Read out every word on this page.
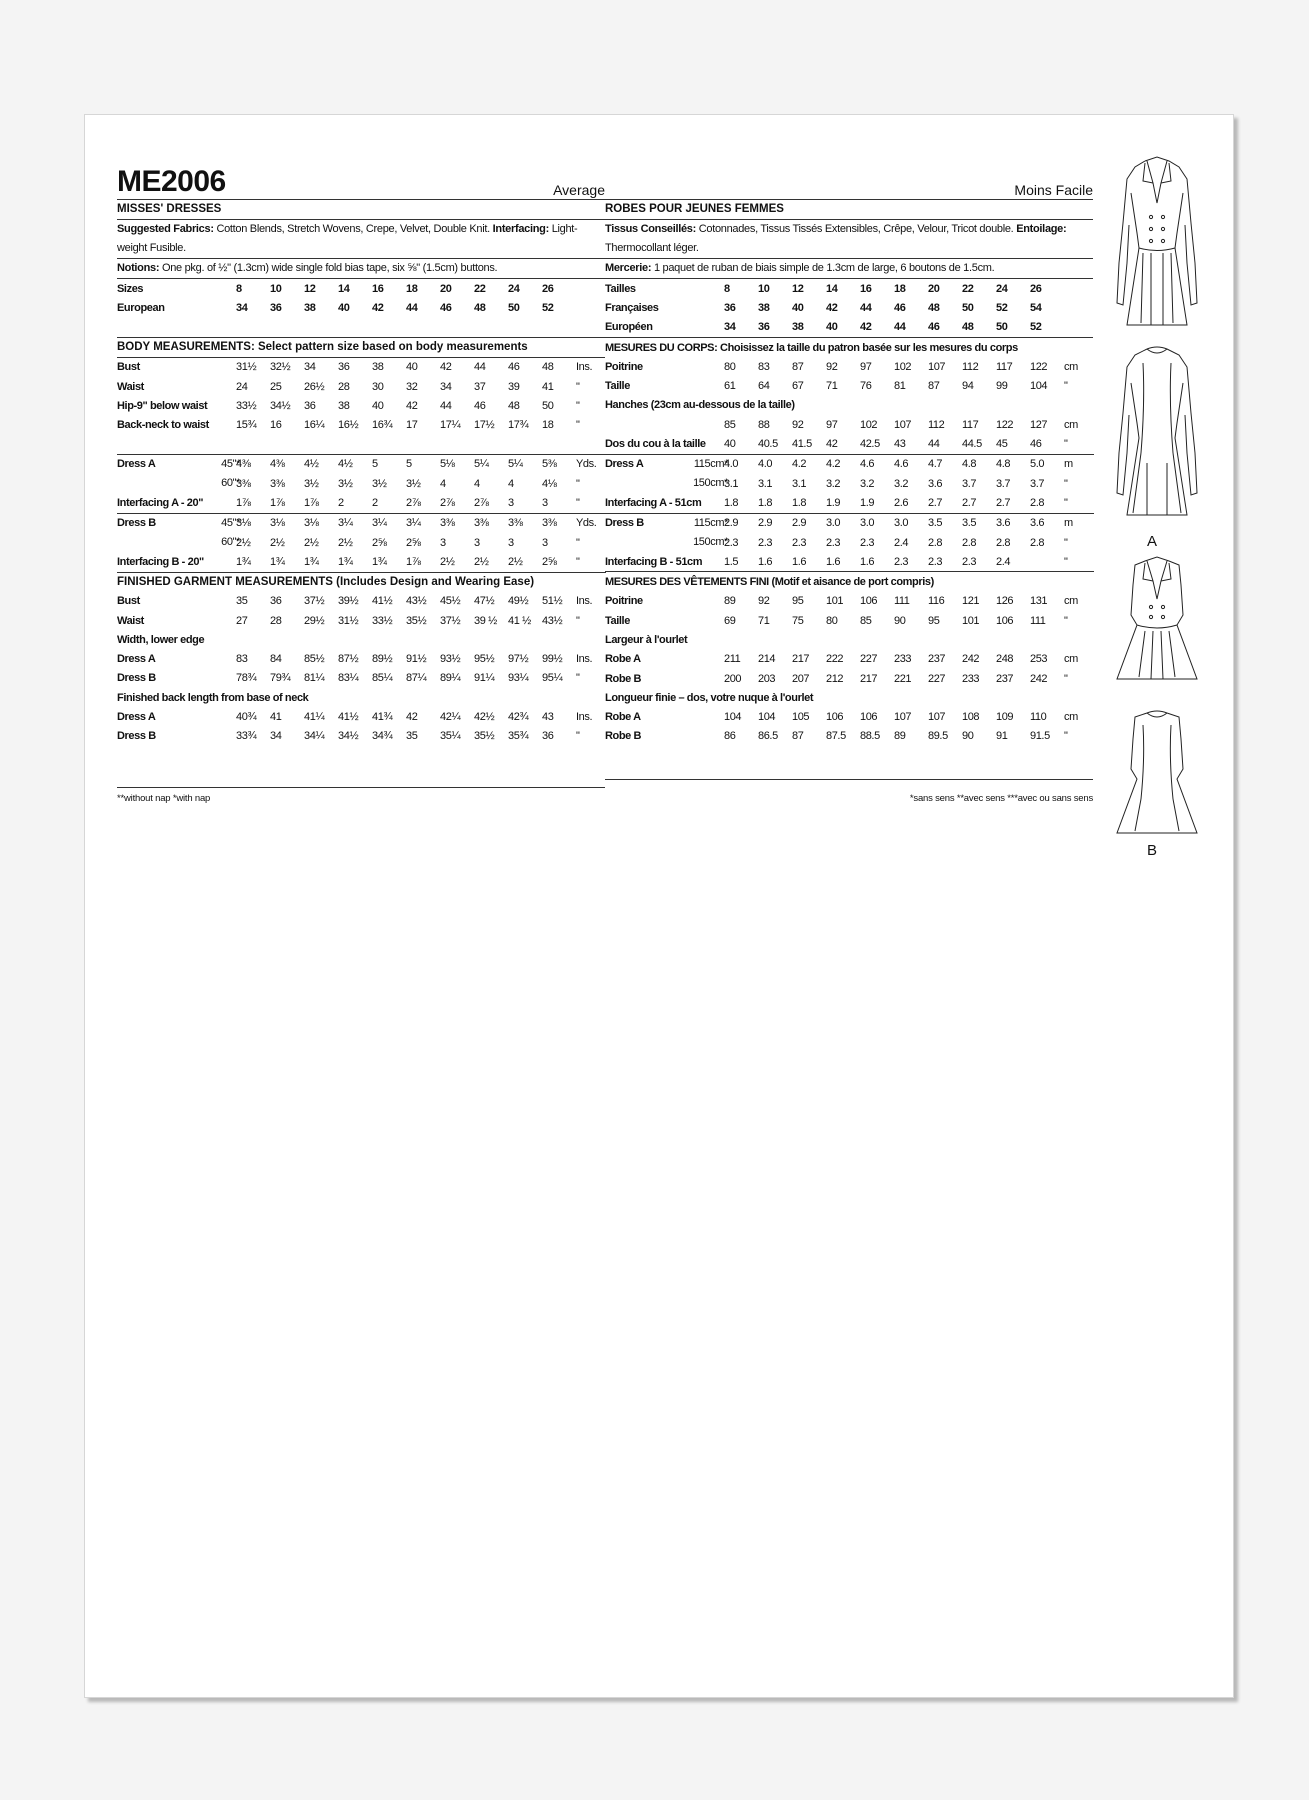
ME2006	Average
MISSES' DRESSES
Suggested Fabrics: Cotton Blends, Stretch Wovens, Crepe, Velvet, Double Knit. Interfacing: Light-weight Fusible.
Notions: One pkg. of ½" (1.3cm) wide single fold bias tape, six ⅝" (1.5cm) buttons.
Sizes	8	10	12	14	16	18	20	22	24	26	
European	34	36	38	40	42	44	46	48	50	52	
BODY MEASUREMENTS: Select pattern size based on body measurements
Bust	31½	32½	34	36	38	40	42	44	46	48	Ins.
Waist	24	25	26½	28	30	32	34	37	39	41	"
Hip-9" below waist	33½	34½	36	38	40	42	44	46	48	50	"
Back-neck to waist	15¾	16	16¼	16½	16¾	17	17¼	17½	17¾	18	"
Dress A	45"*	4⅜	4⅜	4½	4½	5	5	5⅛	5¼	5¼	5⅜	Yds.

	60"*	3⅜	3⅜	3½	3½	3½	3½	4	4	4	4⅛	"
Interfacing A - 20"		1⅞	1⅞	1⅞	2	2	2⅞	2⅞	2⅞	3	3	"
Dress B	45"*	3⅛	3⅛	3⅛	3¼	3¼	3¼	3⅜	3⅜	3⅜	3⅜	Yds.

	60"*	2½	2½	2½	2½	2⅝	2⅝	3	3	3	3	"
Interfacing B - 20"		1¾	1¾	1¾	1¾	1¾	1⅞	2½	2½	2½	2⅝	"
FINISHED GARMENT MEASUREMENTS (Includes Design and Wearing Ease)
Bust	35	36	37½	39½	41½	43½	45½	47½	49½	51½	Ins.
Waist	27	28	29½	31½	33½	35½	37½	39 ½	41 ½	43½	"
Width, lower edge											
Dress A	83	84	85½	87½	89½	91½	93½	95½	97½	99½	Ins.
Dress B	78¾	79¾	81¼	83¼	85¼	87¼	89¼	91¼	93¼	95¼	"
Finished back length from base of neck											
Dress A	40¾	41	41¼	41½	41¾	42	42¼	42½	42¾	43	Ins.
Dress B	33¾	34	34¼	34½	34¾	35	35¼	35½	35¾	36	"
Moins Facile
ROBES POUR JEUNES FEMMES
Tissus Conseillés: Cotonnades, Tissus Tissés Extensibles, Crêpe, Velour, Tricot double. Entoilage: Thermocollant léger.
Mercerie: 1 paquet de ruban de biais simple de 1.3cm de large, 6 boutons de 1.5cm.
Tailles	8	10	12	14	16	18	20	22	24	26	
Françaises	36	38	40	42	44	46	48	50	52	54	
Européen	34	36	38	40	42	44	46	48	50	52	
MESURES DU CORPS: Choisissez la taille du patron basée sur les mesures du corps											
Poitrine	80	83	87	92	97	102	107	112	117	122	cm
Taille	61	64	67	71	76	81	87	94	99	104	"
Hanches (23cm au-dessous de la taille)											
	85	88	92	97	102	107	112	117	122	127	cm
Dos du cou à la taille	40	40.5	41.5	42	42.5	43	44	44.5	45	46	"
Dress A	115cm*	4.0	4.0	4.2	4.2	4.6	4.6	4.7	4.8	4.8	5.0	m

	150cm*	3.1	3.1	3.1	3.2	3.2	3.2	3.6	3.7	3.7	3.7	"
Interfacing A - 51cm		1.8	1.8	1.8	1.9	1.9	2.6	2.7	2.7	2.7	2.8	"
Dress B	115cm*	2.9	2.9	2.9	3.0	3.0	3.0	3.5	3.5	3.6	3.6	m

	150cm*	2.3	2.3	2.3	2.3	2.3	2.4	2.8	2.8	2.8	2.8	"
Interfacing B - 51cm		1.5	1.6	1.6	1.6	1.6	2.3	2.3	2.3	2.4		"
MESURES DES VÊTEMENTS FINI (Motif et aisance de port compris)											
Poitrine	89	92	95	101	106	111	116	121	126	131	cm
Taille	69	71	75	80	85	90	95	101	106	111	"
Largeur à l'ourlet											
Robe A	211	214	217	222	227	233	237	242	248	253	cm
Robe B	200	203	207	212	217	221	227	233	237	242	"
Longueur finie – dos, votre nuque à l'ourlet											
Robe A	104	104	105	106	106	107	107	108	109	110	cm
Robe B	86	86.5	87	87.5	88.5	89	89.5	90	91	91.5	"
**without nap *with nap	*sans sens **avec sens ***avec ou sans sens
A
B
